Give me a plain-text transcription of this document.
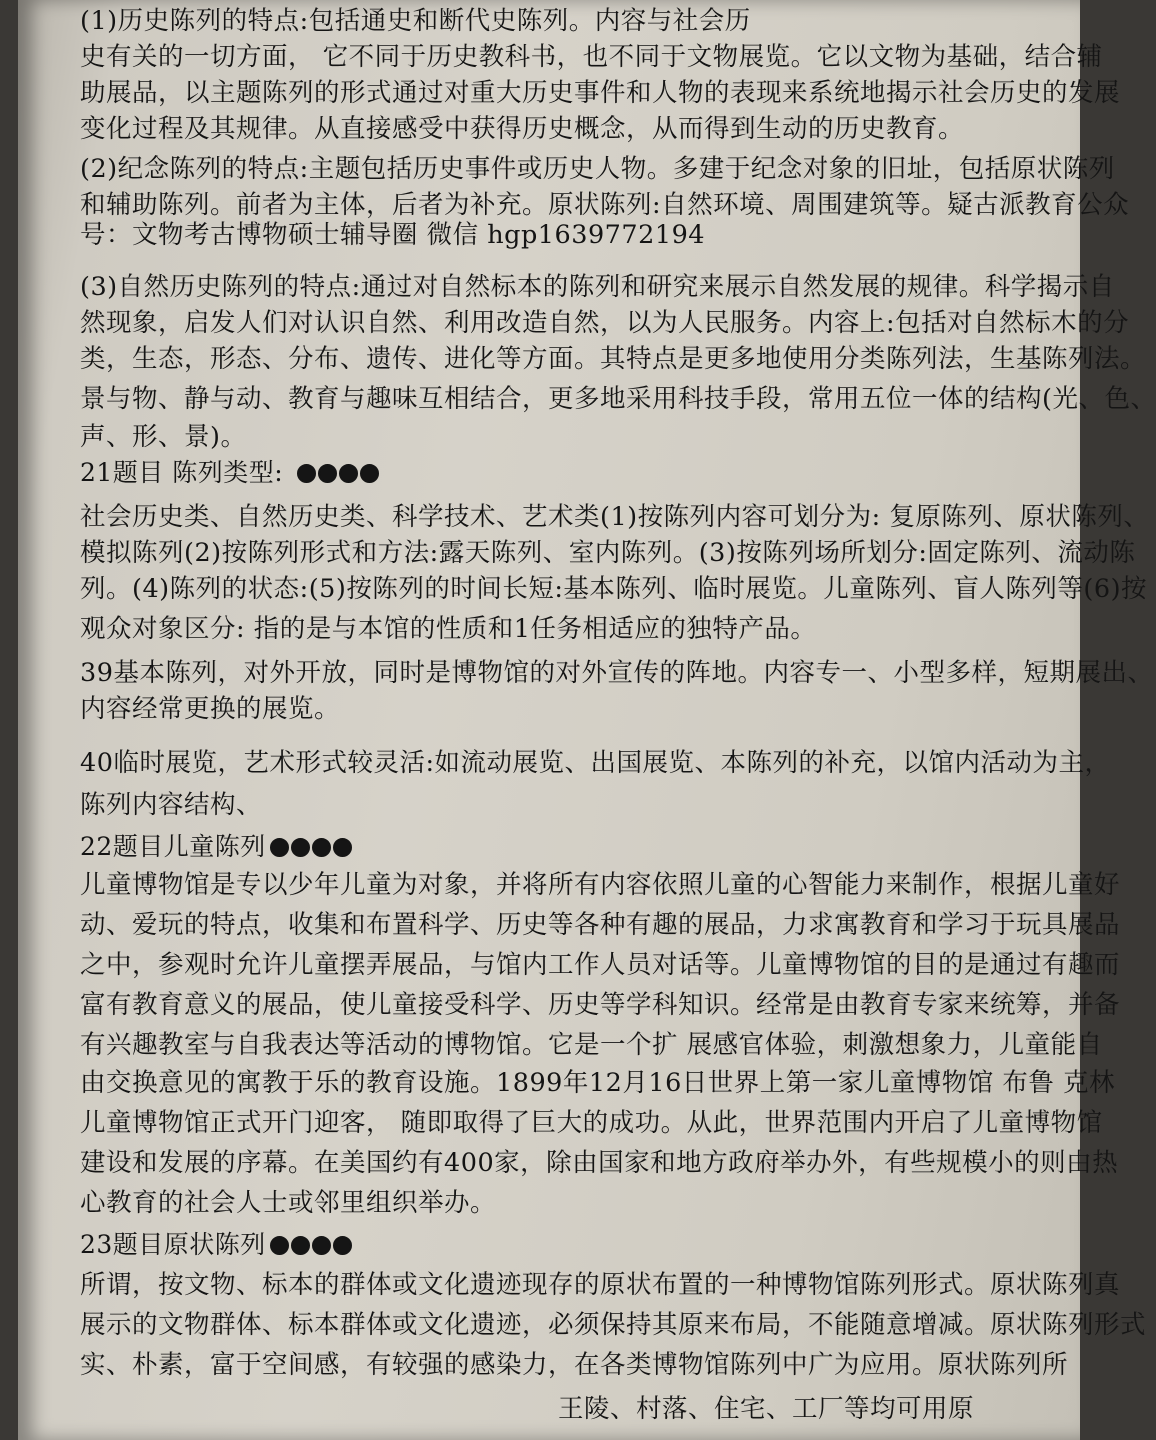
(1)历史陈列的特点:包括通史和断代史陈列。内容与社会历
史有关的一切方面， 它不同于历史教科书，也不同于文物展览。它以文物为基础，结合辅
助展品，以主题陈列的形式通过对重大历史事件和人物的表现来系统地揭示社会历史的发展
变化过程及其规律。从直接感受中获得历史概念，从而得到生动的历史教育。
(2)纪念陈列的特点:主题包括历史事件或历史人物。多建于纪念对象的旧址，包括原状陈列
和辅助陈列。前者为主体，后者为补充。原状陈列:自然环境、周围建筑等。疑古派教育公众
号：文物考古博物硕士辅导圈 微信 hgp1639772194
(3)自然历史陈列的特点:通过对自然标本的陈列和研究来展示自然发展的规律。科学揭示自
然现象，启发人们对认识自然、利用改造自然，以为人民服务。内容上:包括对自然标木的分
类，生态，形态、分布、遗传、进化等方面。其特点是更多地使用分类陈列法，生基陈列法。
景与物、静与动、教育与趣味互相结合，更多地采用科技手段，常用五位一体的结构(光、色、
声、形、景)。
21题目 陈列类型:
社会历史类、自然历史类、科学技术、艺术类(1)按陈列内容可划分为: 复原陈列、原状陈列、
模拟陈列(2)按陈列形式和方法:露天陈列、室内陈列。(3)按陈列场所划分:固定陈列、流动陈
列。(4)陈列的状态:(5)按陈列的时间长短:基本陈列、临时展览。儿童陈列、盲人陈列等(6)按
观众对象区分: 指的是与本馆的性质和1任务相适应的独特产品。
39基本陈列，对外开放，同时是博物馆的对外宣传的阵地。内容专一、小型多样，短期展出、
内容经常更换的展览。
40临时展览，艺术形式较灵活:如流动展览、出国展览、本陈列的补充，以馆内活动为主，
陈列内容结构、
22题目儿童陈列
儿童博物馆是专以少年儿童为对象，并将所有内容依照儿童的心智能力来制作，根据儿童好
动、爱玩的特点，收集和布置科学、历史等各种有趣的展品，力求寓教育和学习于玩具展品
之中，参观时允许儿童摆弄展品，与馆内工作人员对话等。儿童博物馆的目的是通过有趣而
富有教育意义的展品，使儿童接受科学、历史等学科知识。经常是由教育专家来统筹，并备
有兴趣教室与自我表达等活动的博物馆。它是一个扩 展感官体验，刺激想象力，儿童能自
由交换意见的寓教于乐的教育设施。1899年12月16日世界上第一家儿童博物馆 布鲁 克林
儿童博物馆正式开门迎客， 随即取得了巨大的成功。从此，世界范围内开启了儿童博物馆
建设和发展的序幕。在美国约有400家，除由国家和地方政府举办外，有些规模小的则由热
心教育的社会人士或邻里组织举办。
23题目原状陈列
所谓，按文物、标本的群体或文化遗迹现存的原状布置的一种博物馆陈列形式。原状陈列真
展示的文物群体、标本群体或文化遗迹，必须保持其原来布局，不能随意增减。原状陈列形式
实、朴素，富于空间感，有较强的感染力，在各类博物馆陈列中广为应用。原状陈列所
王陵、村落、住宅、工厂等均可用原
